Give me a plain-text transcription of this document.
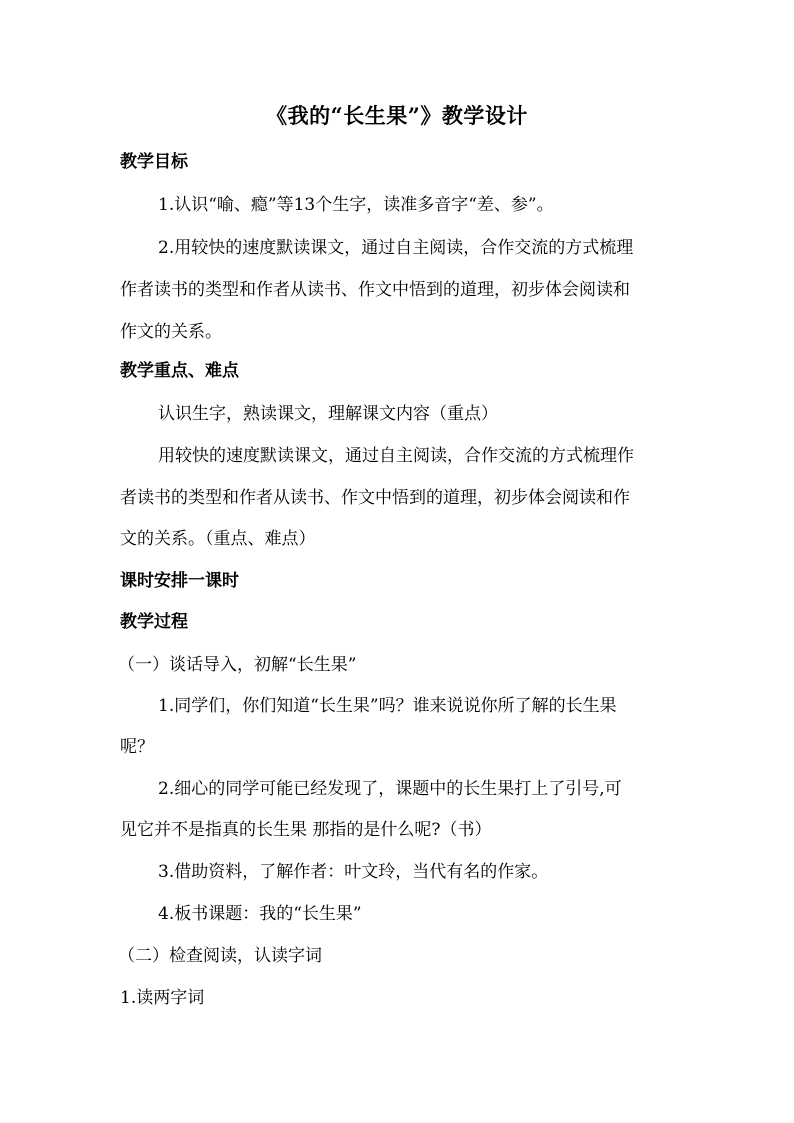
《我的“长生果”》教学设计
教学目标
1.认识“喻、瘾”等13个生字，读准多音字“差、参”。
2.用较快的速度默读课文，通过自主阅读，合作交流的方式梳理
作者读书的类型和作者从读书、作文中悟到的道理，初步体会阅读和
作文的关系。
教学重点、难点
认识生字，熟读课文，理解课文内容（重点）
用较快的速度默读课文，通过自主阅读，合作交流的方式梳理作
者读书的类型和作者从读书、作文中悟到的道理，初步体会阅读和作
文的关系。（重点、难点）
课时安排一课时
教学过程
（一）谈话导入，初解“长生果”
1.同学们，你们知道“长生果”吗？谁来说说你所了解的长生果
呢？
2.细心的同学可能已经发现了，课题中的长生果打上了引号,可
见它并不是指真的长生果 那指的是什么呢?（书）
3.借助资料，了解作者：叶文玲，当代有名的作家。
4.板书课题：我的“长生果”
（二）检查阅读，认读字词
1.读两字词
